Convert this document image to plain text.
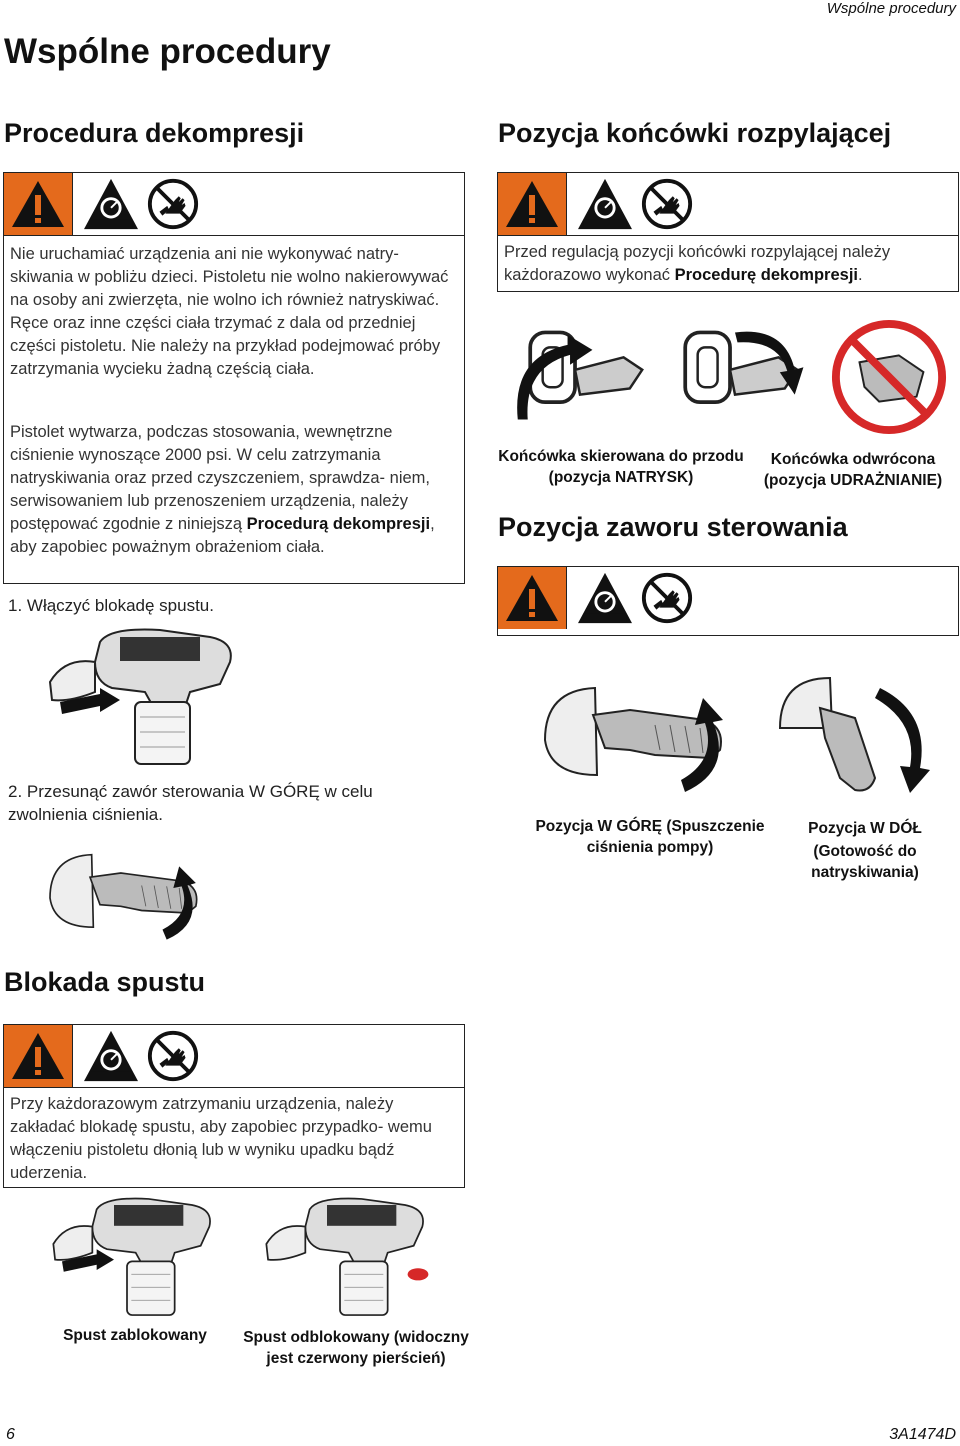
Wspólne procedury
Wspólne procedury
Procedura dekompresji
Nie uruchamiać urządzenia ani nie wykonywać natry- skiwania w pobliżu dzieci. Pistoletu nie wolno nakierowywać na osoby ani zwierzęta, nie wolno ich również natryskiwać. Ręce oraz inne części ciała trzymać z dala od przedniej części pistoletu. Nie należy na przykład podejmować próby zatrzymania wycieku żadną częścią ciała.
Pistolet wytwarza, podczas stosowania, wewnętrzne ciśnienie wynoszące 2000 psi. W celu zatrzymania natryskiwania oraz przed czyszczeniem, sprawdza- niem, serwisowaniem lub przenoszeniem urządzenia, należy postępować zgodnie z niniejszą Procedurą dekompresji, aby zapobiec poważnym obrażeniom ciała.
1. Włączyć blokadę spustu.
2. Przesunąć zawór sterowania W GÓRĘ w celu zwolnienia ciśnienia.
Blokada spustu
Przy każdorazowym zatrzymaniu urządzenia, należy zakładać blokadę spustu, aby zapobiec przypadko- wemu włączeniu pistoletu dłonią lub w wyniku upadku bądź uderzenia.
Spust zablokowany	Spust odblokowany (widoczny jest czerwony pierścień)
Pozycja końcówki rozpylającej
Przed regulacją pozycji końcówki rozpylającej należy każdorazowo wykonać Procedurę dekompresji.
Końcówka skierowana do przodu (pozycja NATRYSK)
Końcówka odwrócona (pozycja UDRAŻNIANIE)
Pozycja zaworu sterowania
Pozycja W GÓRĘ (Spuszczenie ciśnienia pompy)
Pozycja W DÓŁ
(Gotowość do natryskiwania)
6	3A1474D
